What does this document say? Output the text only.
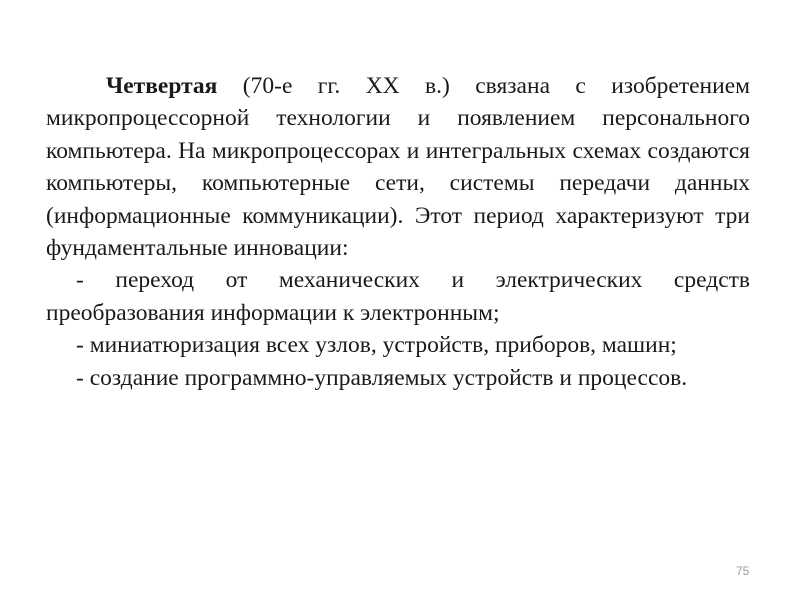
Четвертая (70-е гг. XX в.) связана с изобретением микропроцессорной технологии и появлением персонального компьютера. На микропроцессорах и интегральных схемах создаются компьютеры, компьютерные сети, системы передачи данных (информационные коммуникации). Этот период характеризуют три фундаментальные инновации:

- переход от механических и электрических средств преобразования информации к электронным;

- миниатюризация всех узлов, устройств, приборов, машин;

- создание программно-управляемых устройств и процессов.

75
